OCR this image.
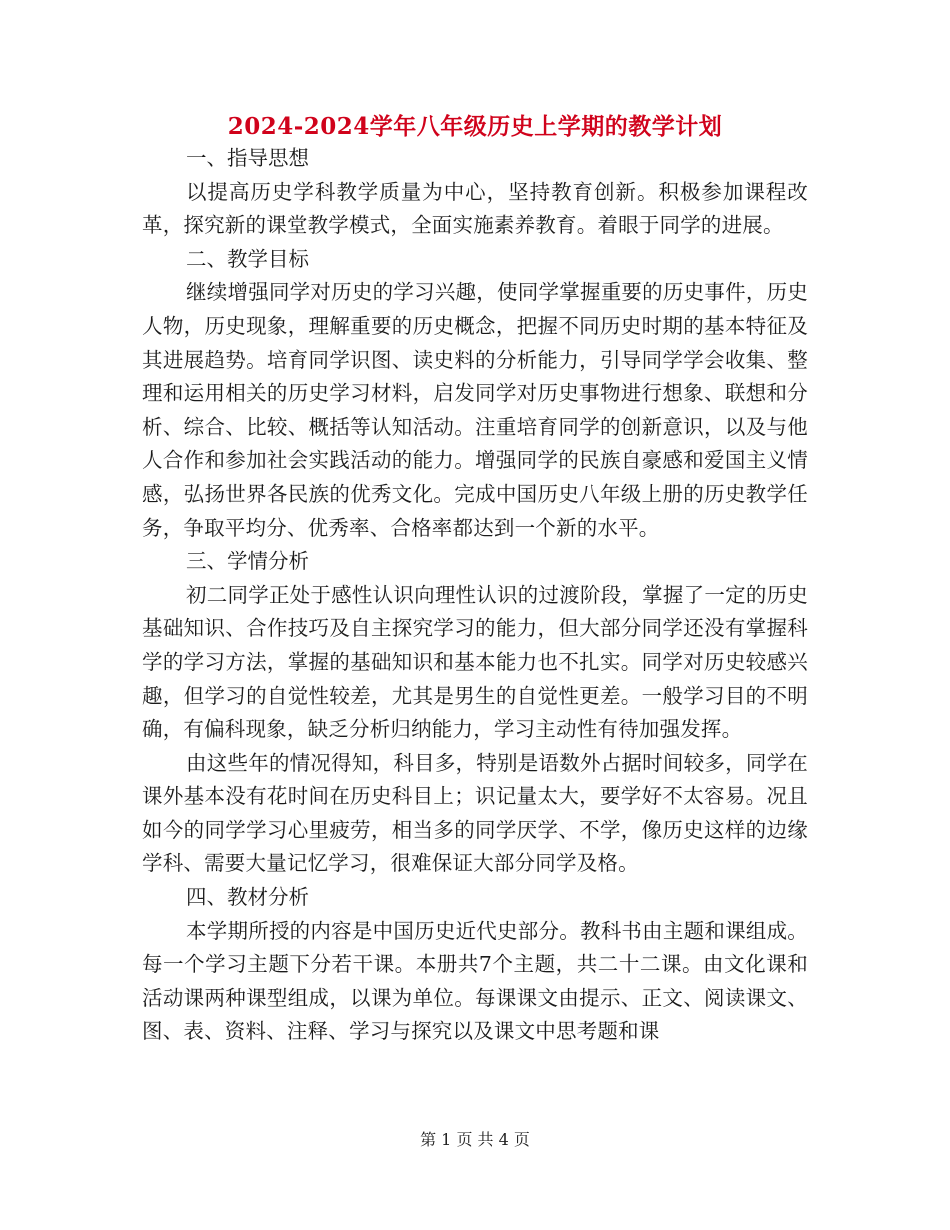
2024-2024学年八年级历史上学期的教学计划

一、指导思想

以提高历史学科教学质量为中心，坚持教育创新。积极参加课程改革，探究新的课堂教学模式，全面实施素养教育。着眼于同学的进展。

二、教学目标

继续增强同学对历史的学习兴趣，使同学掌握重要的历史事件，历史人物，历史现象，理解重要的历史概念，把握不同历史时期的基本特征及其进展趋势。培育同学识图、读史料的分析能力，引导同学学会收集、整理和运用相关的历史学习材料，启发同学对历史事物进行想象、联想和分析、综合、比较、概括等认知活动。注重培育同学的创新意识，以及与他人合作和参加社会实践活动的能力。增强同学的民族自豪感和爱国主义情感，弘扬世界各民族的优秀文化。完成中国历史八年级上册的历史教学任务，争取平均分、优秀率、合格率都达到一个新的水平。

三、学情分析

初二同学正处于感性认识向理性认识的过渡阶段，掌握了一定的历史基础知识、合作技巧及自主探究学习的能力，但大部分同学还没有掌握科学的学习方法，掌握的基础知识和基本能力也不扎实。同学对历史较感兴趣，但学习的自觉性较差，尤其是男生的自觉性更差。一般学习目的不明确，有偏科现象，缺乏分析归纳能力，学习主动性有待加强发挥。

由这些年的情况得知，科目多，特别是语数外占据时间较多，同学在课外基本没有花时间在历史科目上；识记量太大，要学好不太容易。况且如今的同学学习心里疲劳，相当多的同学厌学、不学，像历史这样的边缘学科、需要大量记忆学习，很难保证大部分同学及格。

四、教材分析

本学期所授的内容是中国历史近代史部分。教科书由主题和课组成。每一个学习主题下分若干课。本册共7个主题，共二十二课。由文化课和活动课两种课型组成，以课为单位。每课课文由提示、正文、阅读课文、图、表、资料、注释、学习与探究以及课文中思考题和课

第 1 页 共 4 页
